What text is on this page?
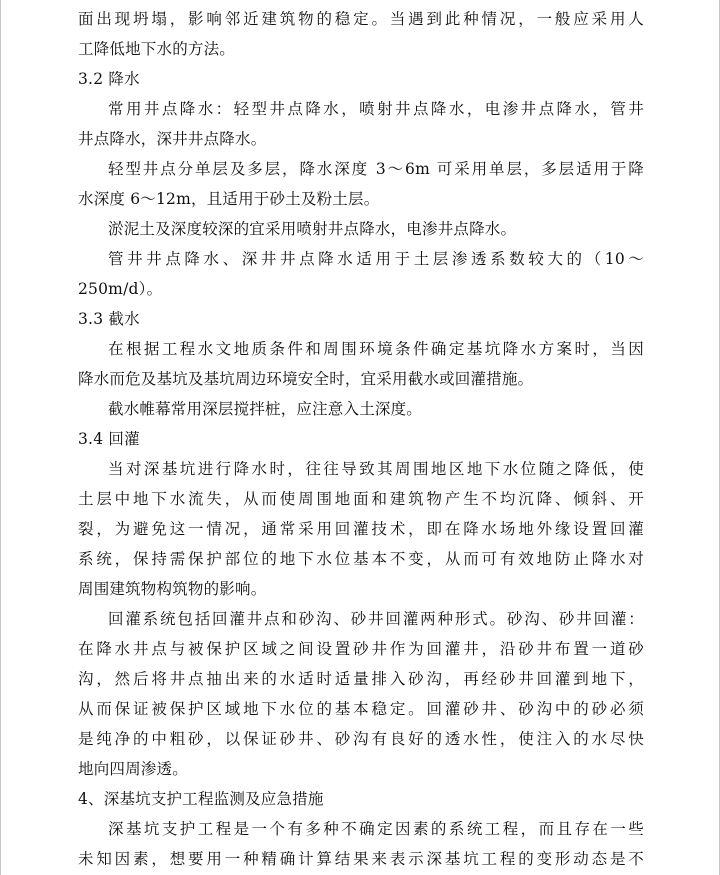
面出现坍塌，影响邻近建筑物的稳定。当遇到此种情况，一般应采用人
工降低地下水的方法。
3.2 降水
常用井点降水：轻型井点降水，喷射井点降水，电渗井点降水，管井
井点降水，深井井点降水。
轻型井点分单层及多层，降水深度 3～6m 可采用单层，多层适用于降
水深度 6～12m，且适用于砂土及粉土层。
淤泥土及深度较深的宜采用喷射井点降水，电渗井点降水。
管井井点降水、深井井点降水适用于土层渗透系数较大的（10～
250m/d）。
3.3 截水
在根据工程水文地质条件和周围环境条件确定基坑降水方案时，当因
降水而危及基坑及基坑周边环境安全时，宜采用截水或回灌措施。
截水帷幕常用深层搅拌桩，应注意入土深度。
3.4 回灌
当对深基坑进行降水时，往往导致其周围地区地下水位随之降低，使
土层中地下水流失，从而使周围地面和建筑物产生不均沉降、倾斜、开
裂，为避免这一情况，通常采用回灌技术，即在降水场地外缘设置回灌
系统，保持需保护部位的地下水位基本不变，从而可有效地防止降水对
周围建筑物构筑物的影响。
回灌系统包括回灌井点和砂沟、砂井回灌两种形式。砂沟、砂井回灌：
在降水井点与被保护区域之间设置砂井作为回灌井，沿砂井布置一道砂
沟，然后将井点抽出来的水适时适量排入砂沟，再经砂井回灌到地下，
从而保证被保护区域地下水位的基本稳定。回灌砂井、砂沟中的砂必须
是纯净的中粗砂，以保证砂井、砂沟有良好的透水性，使注入的水尽快
地向四周渗透。
4、深基坑支护工程监测及应急措施
深基坑支护工程是一个有多种不确定因素的系统工程，而且存在一些
未知因素，想要用一种精确计算结果来表示深基坑工程的变形动态是不
